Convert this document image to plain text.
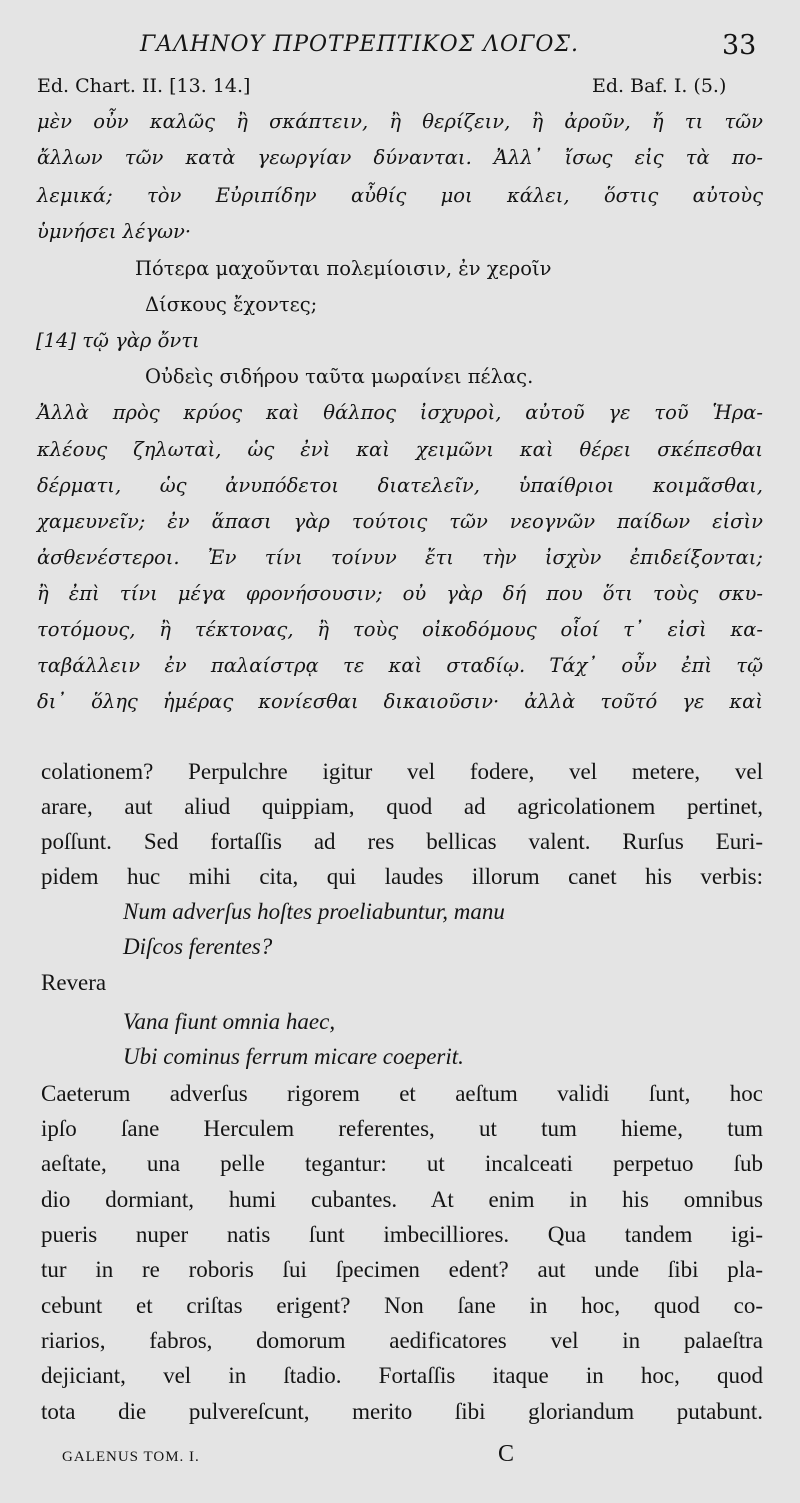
ΓΑΛΗΝΟΥ ΠΡΟΤΡΕΠΤΙΚΟΣ ΛΟΓΟΣ.	33
Ed. Chart. II. [13. 14.]	Ed. Baf. I. (5.)
μὲν οὖν καλῶς ἢ σκάπτειν, ἢ θερίζειν, ἢ ἀροῦν, ἤ τι τῶν
ἄλλων τῶν κατὰ γεωργίαν δύνανται. Ἀλλ᾽ ἴσως εἰς τὰ πο-
λεμικά; τὸν Εὐριπίδην αὖθίς μοι κάλει, ὅστις αὐτοὺς
ὑμνήσει λέγων·
Πότερα μαχοῦνται πολεμίοισιν, ἐν χεροῖν
Δίσκους ἔχοντες;
[14] τῷ γὰρ ὄντι
Οὐδεὶς σιδήρου ταῦτα μωραίνει πέλας.
Ἀλλὰ πρὸς κρύος καὶ θάλπος ἰσχυροὶ, αὐτοῦ γε τοῦ Ἡρα-
κλέους ζηλωταὶ, ὡς ἐνὶ καὶ χειμῶνι καὶ θέρει σκέπεσθαι
δέρματι, ὡς ἀνυπόδετοι διατελεῖν, ὑπαίθριοι κοιμᾶσθαι,
χαμευνεῖν; ἐν ἅπασι γὰρ τούτοις τῶν νεογνῶν παίδων εἰσὶν
ἀσθενέστεροι. Ἐν τίνι τοίνυν ἔτι τὴν ἰσχὺν ἐπιδείξονται;
ἢ ἐπὶ τίνι μέγα φρονήσουσιν; οὐ γὰρ δή που ὅτι τοὺς σκυ-
τοτόμους, ἢ τέκτονας, ἢ τοὺς οἰκοδόμους οἷοί τ᾽ εἰσὶ κα-
ταβάλλειν ἐν παλαίστρᾳ τε καὶ σταδίῳ. Τάχ᾽ οὖν ἐπὶ τῷ
δι᾽ ὅλης ἡμέρας κονίεσθαι δικαιοῦσιν· ἀλλὰ τοῦτό γε καὶ
colationem? Perpulchre igitur vel fodere, vel metere, vel
arare, aut aliud quippiam, quod ad agricolationem pertinet,
poſſunt. Sed fortaſſis ad res bellicas valent. Rurſus Euri-
pidem huc mihi cita, qui laudes illorum canet his verbis:
Num adverſus hoſtes proeliabuntur, manu
Diſcos ferentes?
Revera
Vana fiunt omnia haec,
Ubi cominus ferrum micare coeperit.
Caeterum adverſus rigorem et aeſtum validi ſunt, hoc
ipſo ſane Herculem referentes, ut tum hieme, tum
aeſtate, una pelle tegantur: ut incalceati perpetuo ſub
dio dormiant, humi cubantes. At enim in his omnibus
pueris nuper natis ſunt imbecilliores. Qua tandem igi-
tur in re roboris ſui ſpecimen edent? aut unde ſibi pla-
cebunt et criſtas erigent? Non ſane in hoc, quod co-
riarios, fabros, domorum aedificatores vel in palaeſtra
dejiciant, vel in ſtadio. Fortaſſis itaque in hoc, quod
tota die pulvereſcunt, merito ſibi gloriandum putabunt.
GALENUS TOM. I.	C
